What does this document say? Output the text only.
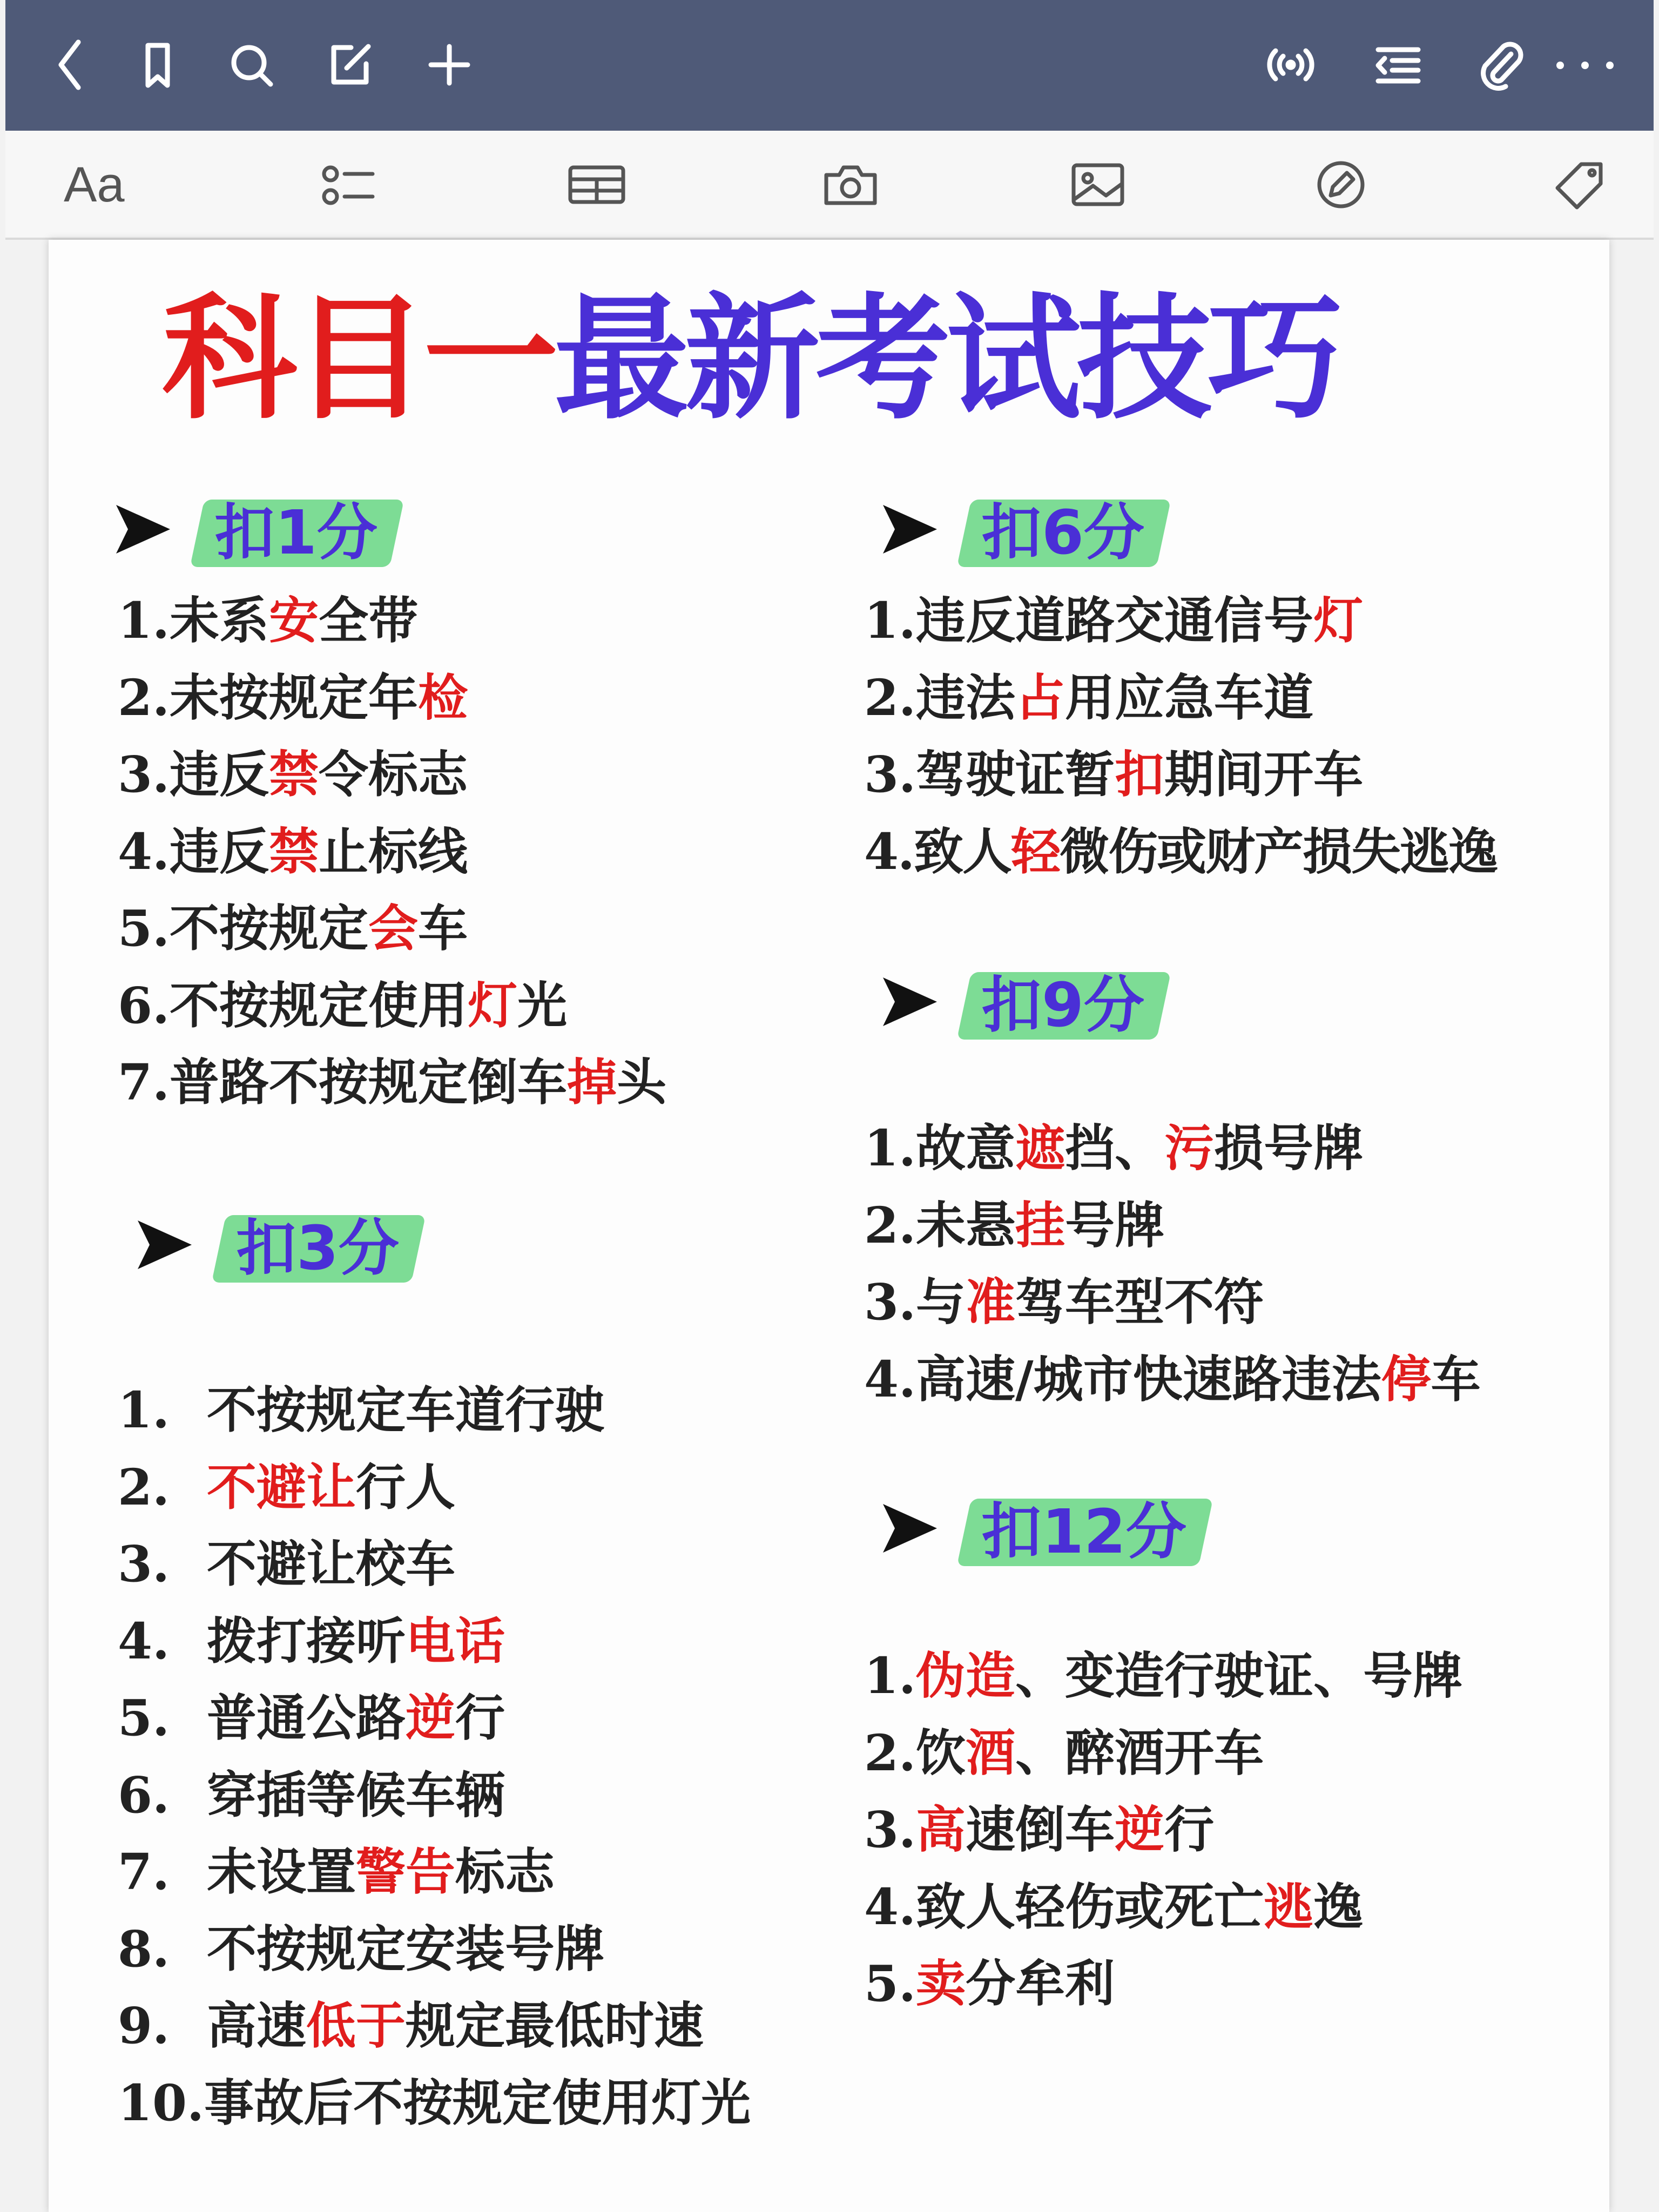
Aa
科目一最新考试技巧
扣1分
1.未系安全带
2.未按规定年检
3.违反禁令标志
4.违反禁止标线
5.不按规定会车
6.不按规定使用灯光
7.普路不按规定倒车掉头
扣3分
1. 不按规定车道行驶
2. 不避让行人
3. 不避让校车
4. 拨打接听电话
5. 普通公路逆行
6. 穿插等候车辆
7. 未设置警告标志
8. 不按规定安装号牌
9. 高速低于规定最低时速
10.事故后不按规定使用灯光
扣6分
1.违反道路交通信号灯
2.违法占用应急车道
3.驾驶证暂扣期间开车
4.致人轻微伤或财产损失逃逸
扣9分
1.故意遮挡、污损号牌
2.未悬挂号牌
3.与准驾车型不符
4.高速/城市快速路违法停车
扣12分
1.伪造、变造行驶证、号牌
2.饮酒、醉酒开车
3.高速倒车逆行
4.致人轻伤或死亡逃逸
5.卖分牟利
